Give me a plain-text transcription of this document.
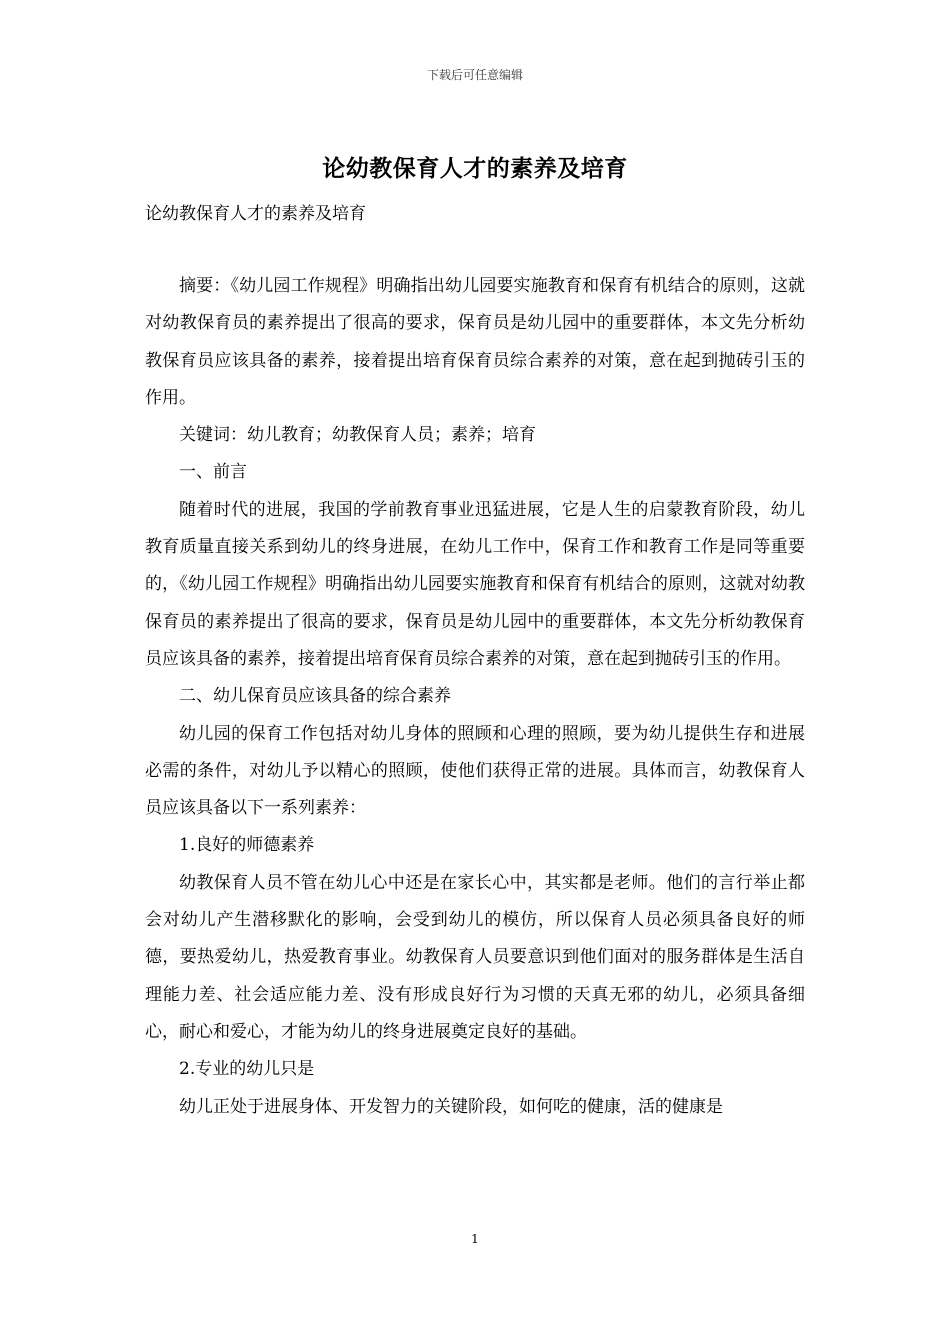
下载后可任意编辑
论幼教保育人才的素养及培育
论幼教保育人才的素养及培育

摘要：《幼儿园工作规程》明确指出幼儿园要实施教育和保育有机结合的原则，这就对幼教保育员的素养提出了很高的要求，保育员是幼儿园中的重要群体，本文先分析幼教保育员应该具备的素养，接着提出培育保育员综合素养的对策，意在起到抛砖引玉的作用。

关键词：幼儿教育；幼教保育人员；素养；培育

一、前言

随着时代的进展，我国的学前教育事业迅猛进展，它是人生的启蒙教育阶段，幼儿教育质量直接关系到幼儿的终身进展，在幼儿工作中，保育工作和教育工作是同等重要的，《幼儿园工作规程》明确指出幼儿园要实施教育和保育有机结合的原则，这就对幼教保育员的素养提出了很高的要求，保育员是幼儿园中的重要群体，本文先分析幼教保育员应该具备的素养，接着提出培育保育员综合素养的对策，意在起到抛砖引玉的作用。

二、幼儿保育员应该具备的综合素养

幼儿园的保育工作包括对幼儿身体的照顾和心理的照顾，要为幼儿提供生存和进展必需的条件，对幼儿予以精心的照顾，使他们获得正常的进展。具体而言，幼教保育人员应该具备以下一系列素养：

1.良好的师德素养

幼教保育人员不管在幼儿心中还是在家长心中，其实都是老师。他们的言行举止都会对幼儿产生潜移默化的影响，会受到幼儿的模仿，所以保育人员必须具备良好的师德，要热爱幼儿，热爱教育事业。幼教保育人员要意识到他们面对的服务群体是生活自理能力差、社会适应能力差、没有形成良好行为习惯的天真无邪的幼儿，必须具备细心，耐心和爱心，才能为幼儿的终身进展奠定良好的基础。

2.专业的幼儿只是

幼儿正处于进展身体、开发智力的关键阶段，如何吃的健康，活的健康是

1
